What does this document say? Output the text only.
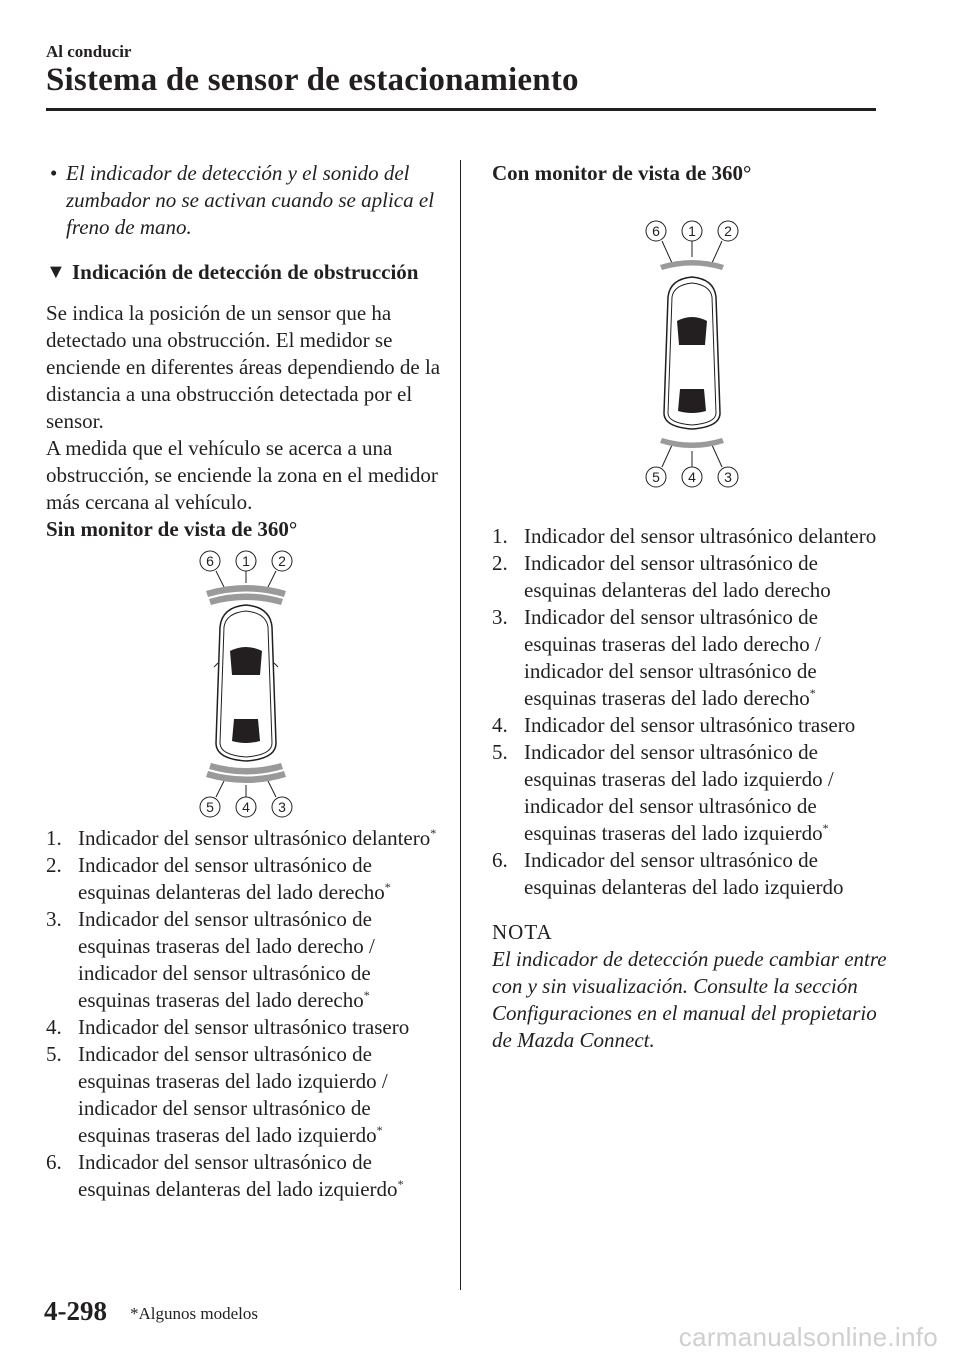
Al conducir
Sistema de sensor de estacionamiento

• El indicador de detección y el sonido del zumbador no se activan cuando se aplica el freno de mano.

▼ Indicación de detección de obstrucción

Se indica la posición de un sensor que ha detectado una obstrucción. El medidor se enciende en diferentes áreas dependiendo de la distancia a una obstrucción detectada por el sensor.

A medida que el vehículo se acerca a una obstrucción, se enciende la zona en el medidor más cercana al vehículo.

Sin monitor de vista de 360°

6 1 2
5 4 3
1. Indicador del sensor ultrasónico delantero*
2. Indicador del sensor ultrasónico de esquinas delanteras del lado derecho*
3. Indicador del sensor ultrasónico de esquinas traseras del lado derecho / indicador del sensor ultrasónico de esquinas traseras del lado derecho*
4. Indicador del sensor ultrasónico trasero
5. Indicador del sensor ultrasónico de esquinas traseras del lado izquierdo / indicador del sensor ultrasónico de esquinas traseras del lado izquierdo*
6. Indicador del sensor ultrasónico de esquinas delanteras del lado izquierdo*

Con monitor de vista de 360°

6 1 2
5 4 3
1. Indicador del sensor ultrasónico delantero
2. Indicador del sensor ultrasónico de esquinas delanteras del lado derecho
3. Indicador del sensor ultrasónico de esquinas traseras del lado derecho / indicador del sensor ultrasónico de esquinas traseras del lado derecho*
4. Indicador del sensor ultrasónico trasero
5. Indicador del sensor ultrasónico de esquinas traseras del lado izquierdo / indicador del sensor ultrasónico de esquinas traseras del lado izquierdo*
6. Indicador del sensor ultrasónico de esquinas delanteras del lado izquierdo

NOTA

El indicador de detección puede cambiar entre con y sin visualización. Consulte la sección Configuraciones en el manual del propietario de Mazda Connect.

4-298 *Algunos modelos
carmanualsonline.info
